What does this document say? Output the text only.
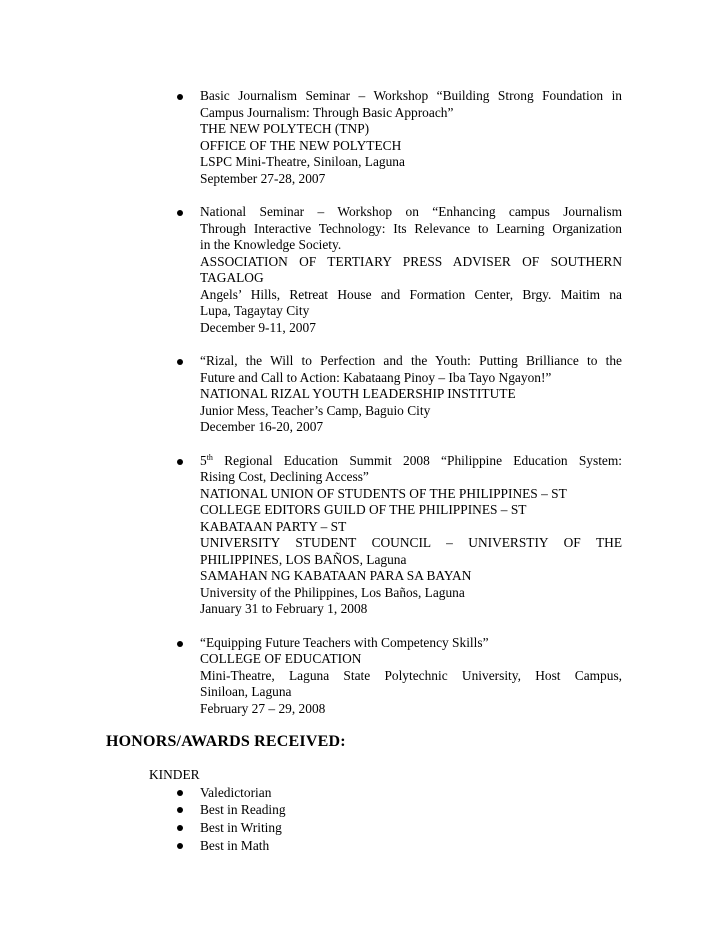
Basic Journalism Seminar – Workshop “Building Strong Foundation in
Campus Journalism: Through Basic Approach”
THE NEW POLYTECH (TNP)
OFFICE OF THE NEW POLYTECH
LSPC Mini-Theatre, Siniloan, Laguna
September 27-28, 2007
National Seminar – Workshop on “Enhancing campus Journalism
Through Interactive Technology: Its Relevance to Learning Organization
in the Knowledge Society.
ASSOCIATION OF TERTIARY PRESS ADVISER OF SOUTHERN
TAGALOG
Angels’ Hills, Retreat House and Formation Center, Brgy. Maitim na
Lupa, Tagaytay City
December 9-11, 2007
“Rizal, the Will to Perfection and the Youth: Putting Brilliance to the
Future and Call to Action: Kabataang Pinoy – Iba Tayo Ngayon!”
NATIONAL RIZAL YOUTH LEADERSHIP INSTITUTE
Junior Mess, Teacher’s Camp, Baguio City
December 16-20, 2007
5th Regional Education Summit 2008 “Philippine Education System:
Rising Cost, Declining Access”
NATIONAL UNION OF STUDENTS OF THE PHILIPPINES – ST
COLLEGE EDITORS GUILD OF THE PHILIPPINES – ST
KABATAAN PARTY – ST
UNIVERSITY STUDENT COUNCIL – UNIVERSTIY OF THE
PHILIPPINES, LOS BAÑOS, Laguna
SAMAHAN NG KABATAAN PARA SA BAYAN
University of the Philippines, Los Baños, Laguna
January 31 to February 1, 2008
“Equipping Future Teachers with Competency Skills”
COLLEGE OF EDUCATION
Mini-Theatre, Laguna State Polytechnic University, Host Campus,
Siniloan, Laguna
February 27 – 29, 2008
HONORS/AWARDS RECEIVED:
KINDER
Valedictorian
Best in Reading
Best in Writing
Best in Math
